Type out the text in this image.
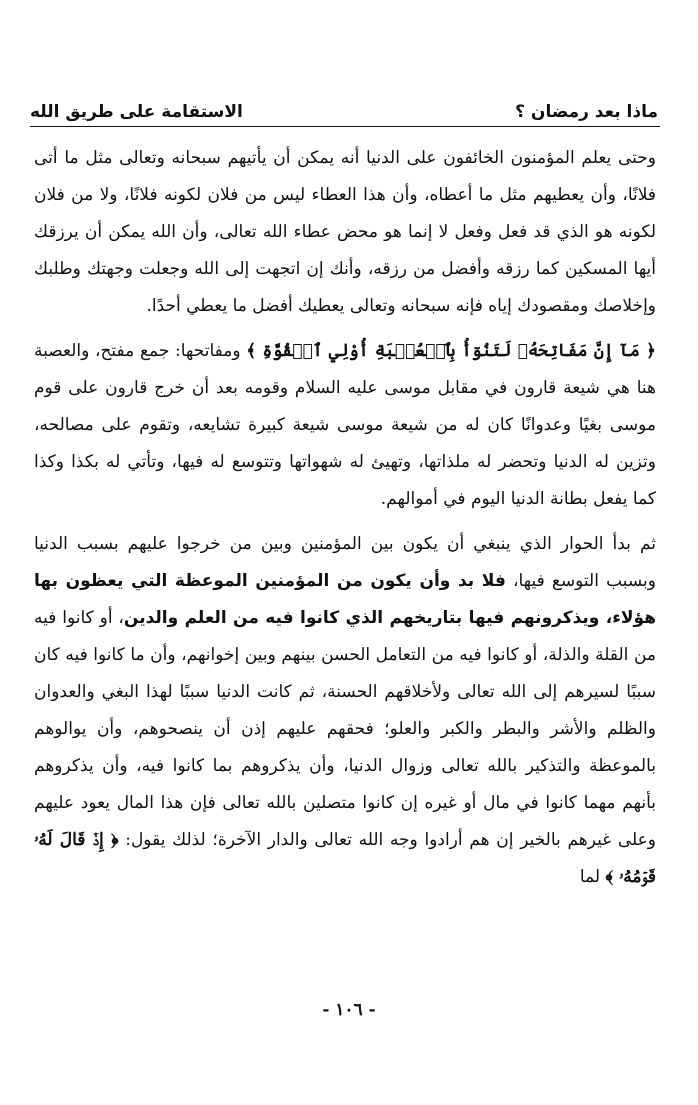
ماذا بعد رمضان ؟
الاستقامة على طريق الله

وحتى يعلم المؤمنون الخائفون على الدنيا أنه يمكن أن يأتيهم سبحانه وتعالى مثل ما أتى فلانًا، وأن يعطيهم مثل ما أعطاه، وأن هذا العطاء ليس من فلان لكونه فلانًا، ولا من فلان لكونه هو الذي قد فعل وفعل لا إنما هو محض عطاء الله تعالى، وأن الله يمكن أن يرزقك أيها المسكين كما رزقه وأفضل من رزقه، وأنك إن اتجهت إلى الله وجعلت وجهتك وطلبك وإخلاصك ومقصودك إياه فإنه سبحانه وتعالى يعطيك أفضل ما يعطي أحدًا.

﴿ مَآ إِنَّ مَفَاتِحَهُۥ لَتَنُوٓأُ بِٱلۡعُصۡبَةِ أُوْلِي ٱلۡقُوَّةِ ﴾ ومفاتحها: جمع مفتح، والعصبة هنا هي شيعة قارون في مقابل موسى عليه السلام وقومه بعد أن خرج قارون على قوم موسى بغيًا وعدوانًا كان له من شيعة موسى شيعة كبيرة تشايعه، وتقوم على مصالحه، وتزين له الدنيا وتحضر له ملذاتها، وتهيئ له شهواتها وتتوسع له فيها، وتأتي له بكذا وكذا كما يفعل بطانة الدنيا اليوم في أموالهم.

ثم بدأ الحوار الذي ينبغي أن يكون بين المؤمنين وبين من خرجوا عليهم بسبب الدنيا وبسبب التوسع فيها، فلا بد وأن يكون من المؤمنين الموعظة التي يعظون بها هؤلاء، ويذكرونهم فيها بتاريخهم الذي كانوا فيه من العلم والدين، أو كانوا فيه من القلة والذلة، أو كانوا فيه من التعامل الحسن بينهم وبين إخوانهم، وأن ما كانوا فيه كان سببًا لسيرهم إلى الله تعالى ولأخلاقهم الحسنة، ثم كانت الدنيا سببًا لهذا البغي والعدوان والظلم والأشر والبطر والكبر والعلو؛ فحقهم عليهم إذن أن ينصحوهم، وأن يوالوهم بالموعظة والتذكير بالله تعالى وزوال الدنيا، وأن يذكروهم بما كانوا فيه، وأن يذكروهم بأنهم مهما كانوا في مال أو غيره إن كانوا متصلين بالله تعالى فإن هذا المال يعود عليهم وعلى غيرهم بالخير إن هم أرادوا وجه الله تعالى والدار الآخرة؛ لذلك يقول: ﴿ إِذۡ قَالَ لَهُۥ قَوۡمُهُۥ ﴾ لما

- ١٠٦ -
